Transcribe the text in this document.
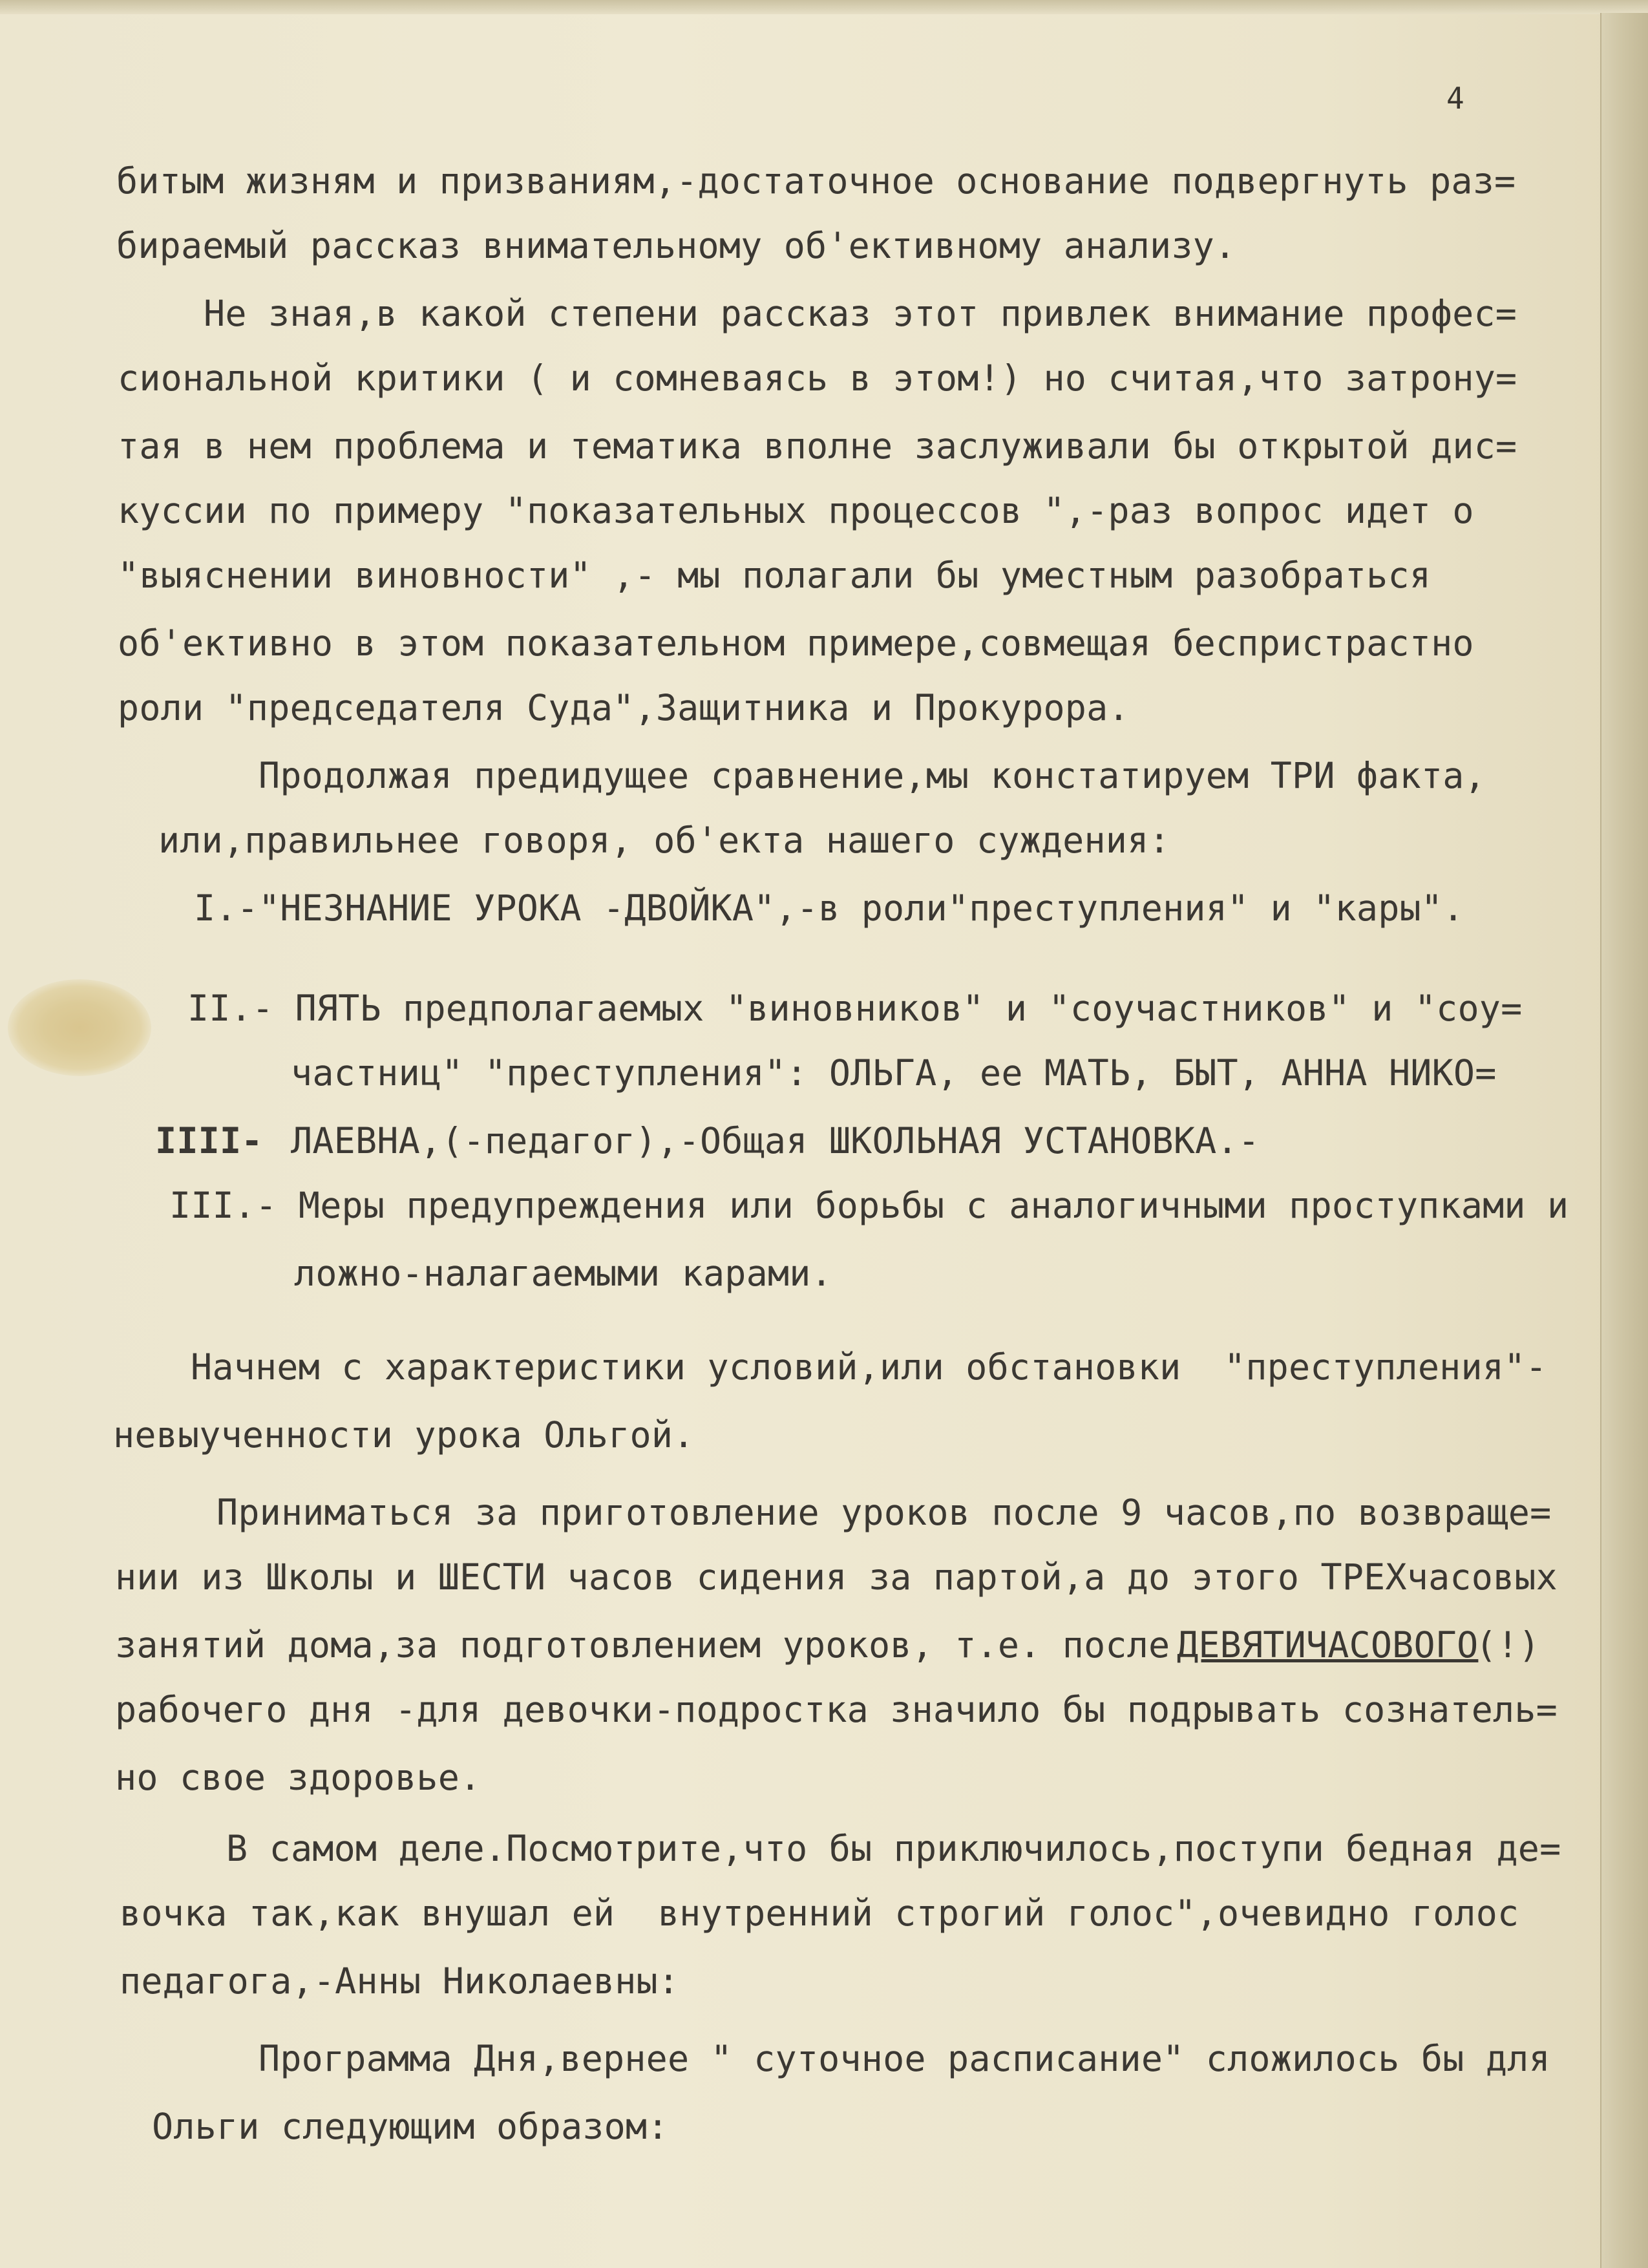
4
битым жизням и призваниям,-достаточное основание подвергнуть раз=
бираемый рассказ внимательному об'ективному анализу.
Не зная,в какой степени рассказ этот привлек внимание профес=
сиональной критики ( и сомневаясь в этом!) но считая,что затрону=
тая в нем проблема и тематика вполне заслуживали бы открытой дис=
куссии по примеру "показательных процессов ",-раз вопрос идет о
"выяснении виновности" ,- мы полагали бы уместным разобраться
об'ективно в этом показательном примере,совмещая беспристрастно
роли "председателя Суда",Защитника и Прокурора.
Продолжая предидущее сравнение,мы констатируем ТРИ факта,
или,правильнее говоря, об'екта нашего суждения:
I.-"НЕЗНАНИЕ УРОКА -ДВОЙКА",-в роли"преступления" и "кары".
II.- ПЯТЬ предполагаемых "виновников" и "соучастников" и "соу=
частниц" "преступления": ОЛЬГА, ее МАТЬ, БЫТ, АННА НИКО=
IIII- ЛАЕВНА,(-педагог),-Общая ШКОЛЬНАЯ УСТАНОВКА.-
III.- Меры предупреждения или борьбы с аналогичными проступками и
ложно-налагаемыми карами.
Начнем с характеристики условий,или обстановки  "преступления"-
невыученности урока Ольгой.
Приниматься за приготовление уроков после 9 часов,по возвраще=
нии из Школы и ШЕСТИ часов сидения за партой,а до этого ТРЕХчасовых
занятий дома,за подготовлением уроков, т.е. после ДЕВЯТИЧАСОВОГО
(!)
рабочего дня -для девочки-подростка значило бы подрывать сознатель=
но свое здоровье.
В самом деле.Посмотрите,что бы приключилось,поступи бедная де=
вочка так,как внушал ей  внутренний строгий голос",очевидно голос
педагога,-Анны Николаевны:
Программа Дня,вернее " суточное расписание" сложилось бы для
Ольги следующим образом:
